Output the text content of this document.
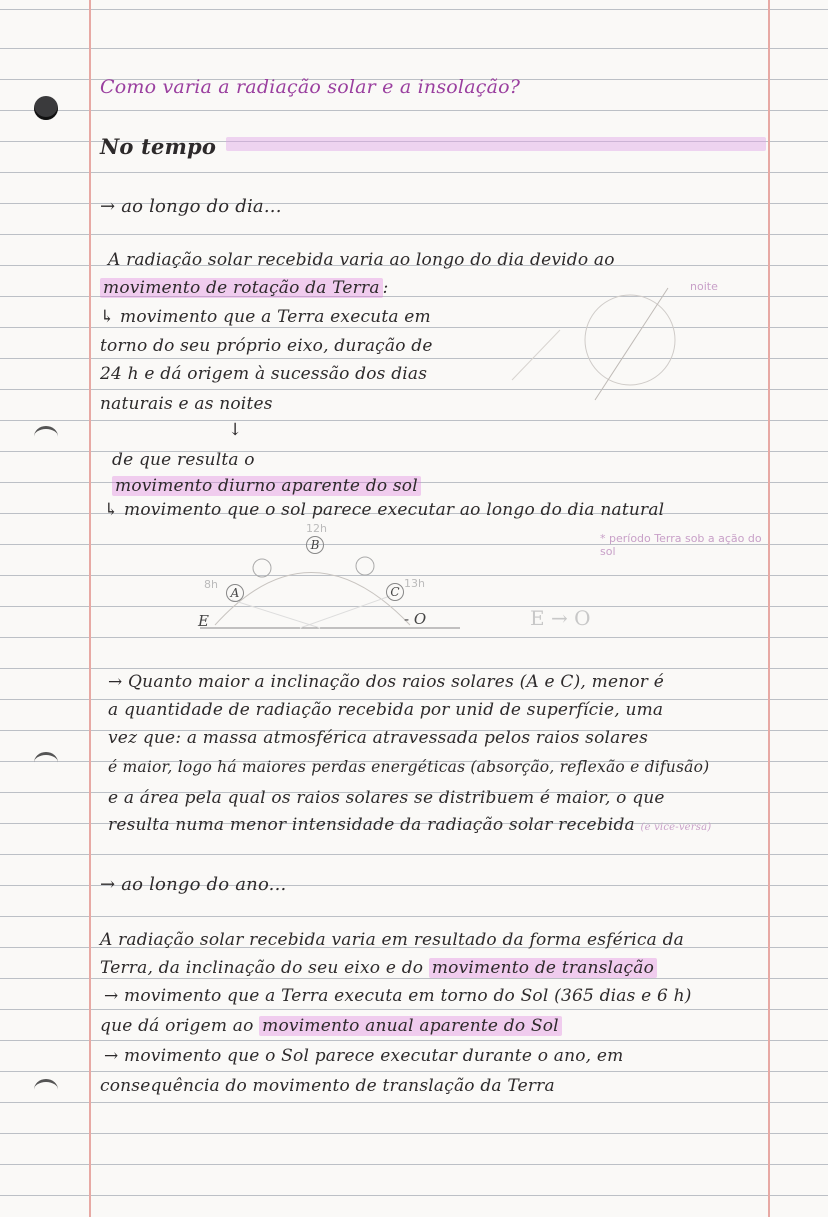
Como varia a radiação solar e a insolação?
No tempo
→ ao longo do dia...
A radiação solar recebida varia ao longo do dia devido ao
movimento de rotação da Terra :
↳ movimento que a Terra executa em
torno do seu próprio eixo, duração de
24 h e dá origem à sucessão dos dias
naturais e as noites
↓
de que resulta o
movimento diurno aparente do sol
↳ movimento que o sol parece executar ao longo do dia natural
noite
* período Terra sob a ação do sol
B
12h
A
8h
C
13h
E	- O	E → O
→ Quanto maior a inclinação dos raios solares (A e C), menor é
a quantidade de radiação recebida por unid de superfície, uma
vez que: a massa atmosférica atravessada pelos raios solares
é maior, logo há maiores perdas energéticas (absorção, reflexão e difusão)
e a área pela qual os raios solares se distribuem é maior, o que
resulta numa menor intensidade da radiação solar recebida (e vice-versa)
→ ao longo do ano...
A radiação solar recebida varia em resultado da forma esférica da
Terra, da inclinação do seu eixo e do movimento de translação
→ movimento que a Terra executa em torno do Sol (365 dias e 6 h)
que dá origem ao movimento anual aparente do Sol
→ movimento que o Sol parece executar durante o ano, em
consequência do movimento de translação da Terra
